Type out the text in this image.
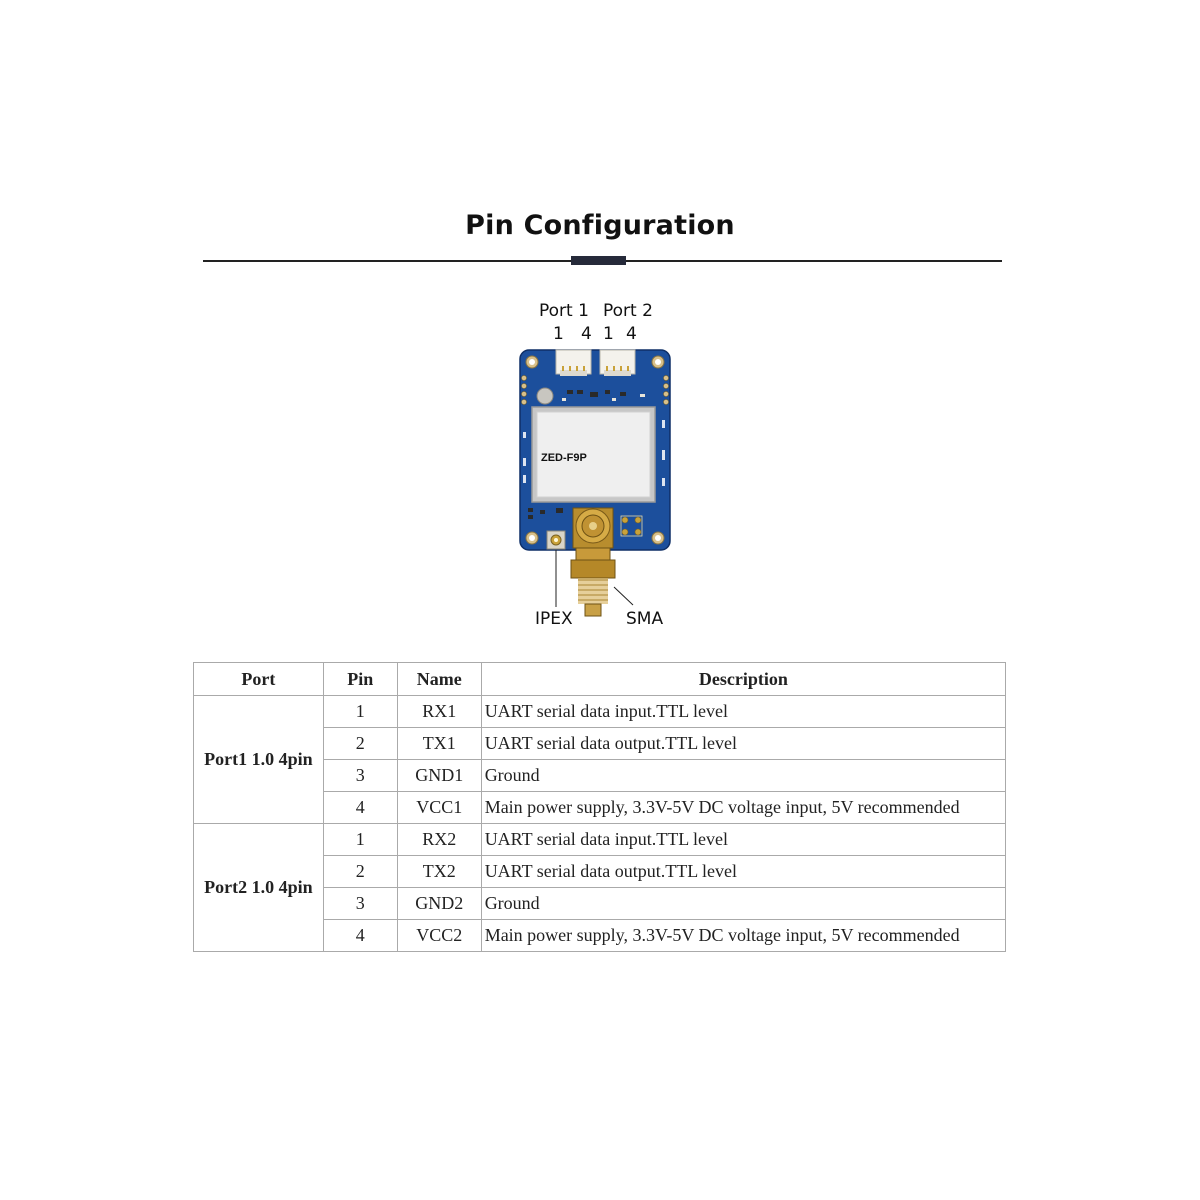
Pin Configuration
Port 1 Port 2
1 4 1 4
ZED-F9P
IPEX	SMA
Port	Pin	Name	Description
Port1 1.0 4pin	1	RX1	UART serial data input.TTL level
	2	TX1	UART serial data output.TTL level
	3	GND1	Ground
	4	VCC1	Main power supply, 3.3V-5V DC voltage input, 5V recommended
Port2 1.0 4pin	1	RX2	UART serial data input.TTL level
	2	TX2	UART serial data output.TTL level
	3	GND2	Ground
	4	VCC2	Main power supply, 3.3V-5V DC voltage input, 5V recommended
